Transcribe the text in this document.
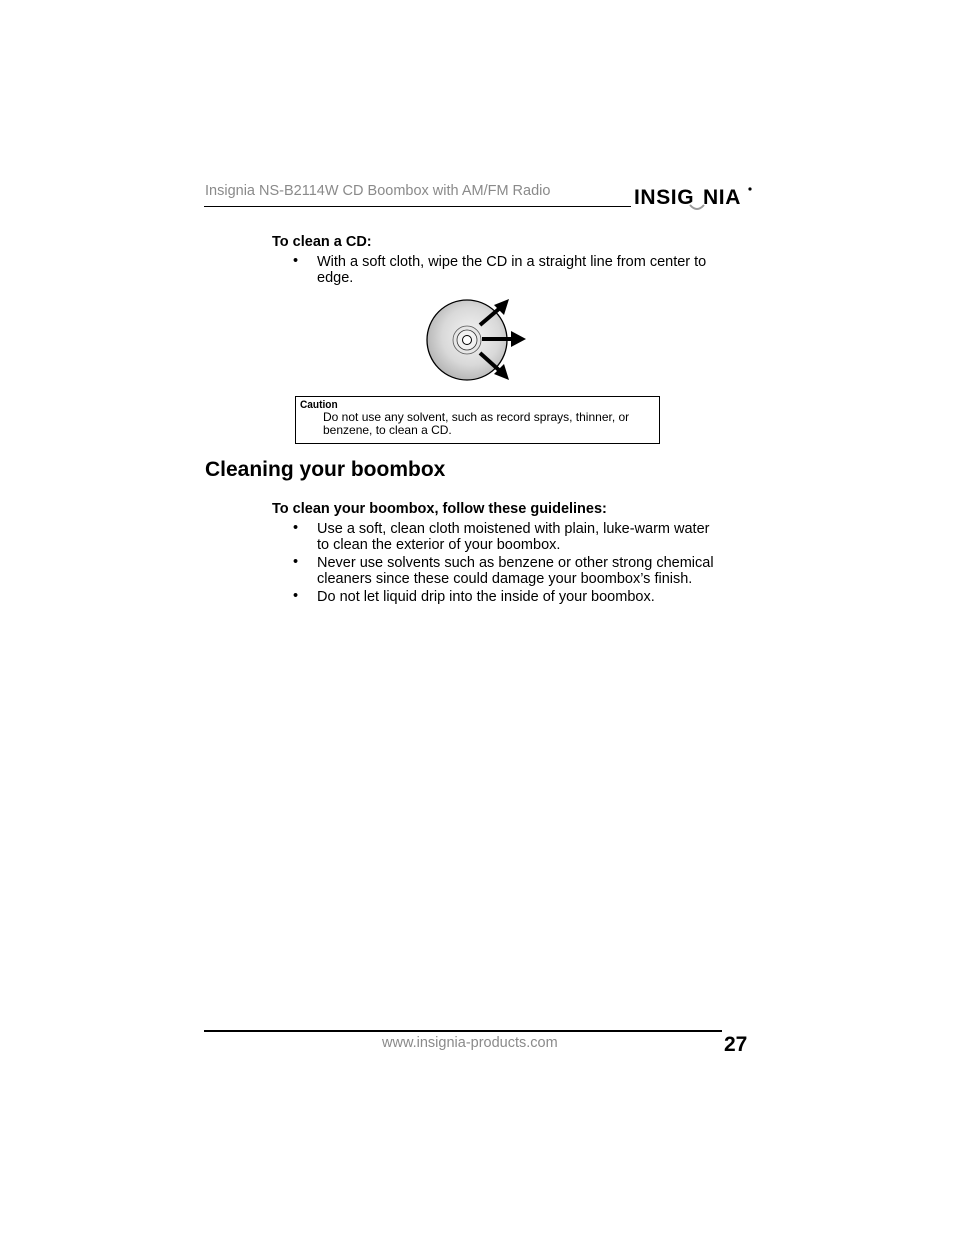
Insignia NS-B2114W CD Boombox with AM/FM Radio	INSIG NIA
To clean a CD:
• With a soft cloth, wipe the CD in a straight line from center to
edge.
Caution
Do not use any solvent, such as record sprays, thinner, or
benzene, to clean a CD.
Cleaning your boombox
To clean your boombox, follow these guidelines:
• Use a soft, clean cloth moistened with plain, luke-warm water
to clean the exterior of your boombox.
• Never use solvents such as benzene or other strong chemical
cleaners since these could damage your boombox’s finish.
• Do not let liquid drip into the inside of your boombox.
www.insignia-products.com	27
